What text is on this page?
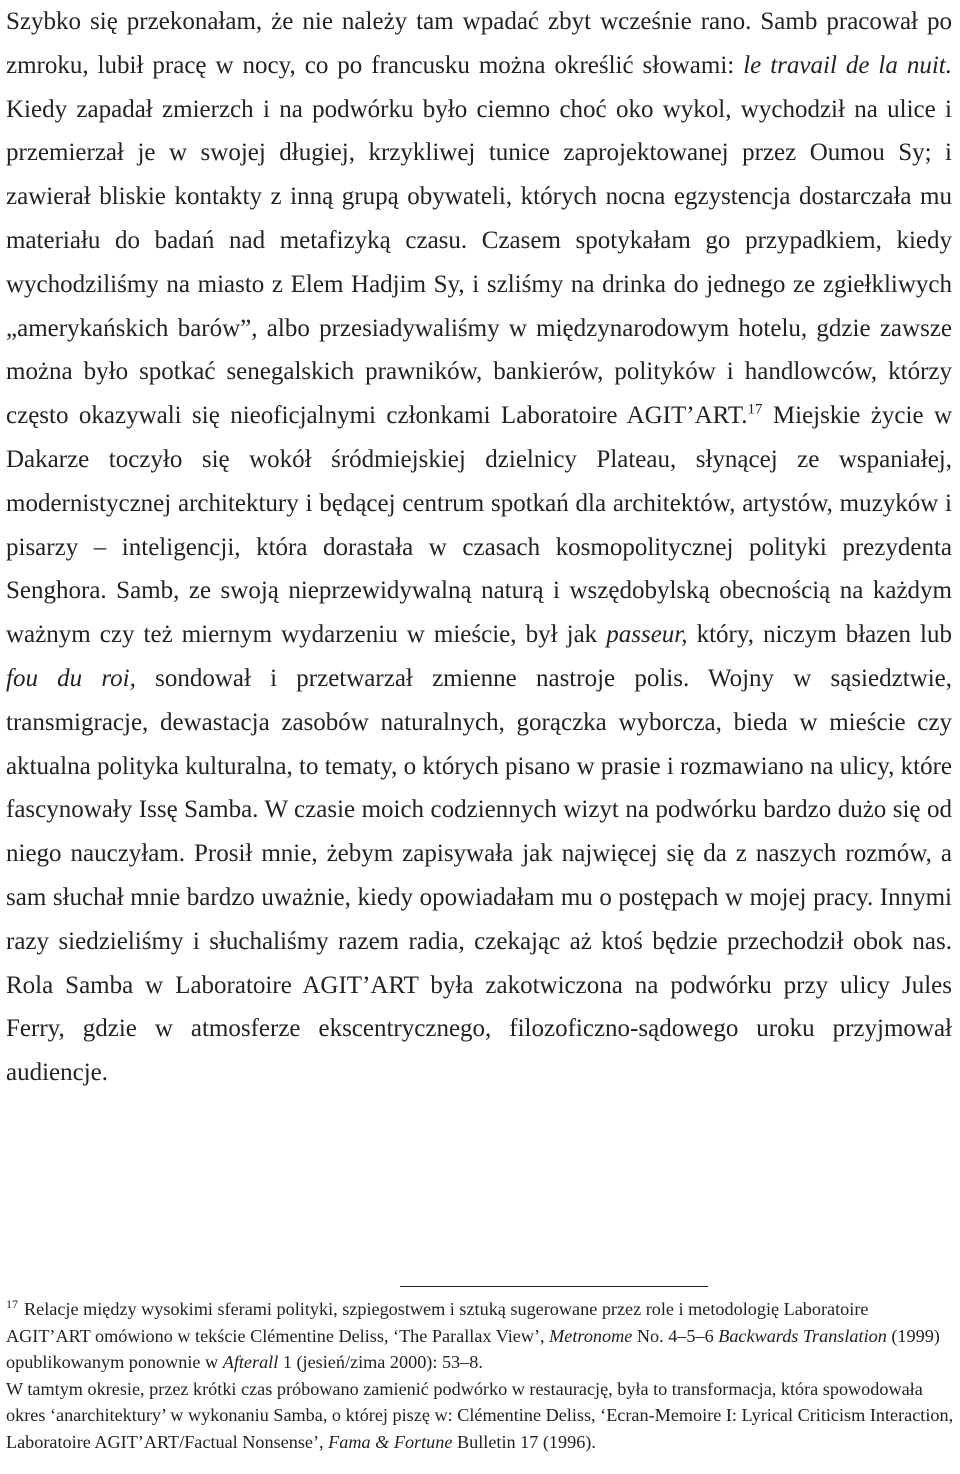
Szybko się przekonałam, że nie należy tam wpadać zbyt wcześnie rano. Samb pracował po zmroku, lubił pracę w nocy, co po francusku można określić słowami: le travail de la nuit. Kiedy zapadał zmierzch i na podwórku było ciemno choć oko wykol, wychodził na ulice i przemierzał je w swojej długiej, krzykliwej tunice zaprojektowanej przez Oumou Sy; i zawierał bliskie kontakty z inną grupą obywateli, których nocna egzystencja dostarczała mu materiału do badań nad metafizyką czasu. Czasem spotykałam go przypadkiem, kiedy wychodziliśmy na miasto z Elem Hadjim Sy, i szliśmy na drinka do jednego ze zgiełkliwych „amerykańskich barów”, albo przesiadywaliśmy w międzynarodowym hotelu, gdzie zawsze można było spotkać senegalskich prawników, bankierów, polityków i handlowców, którzy często okazywali się nieoficjalnymi członkami Laboratoire AGIT’ART.$^{17}$ Miejskie życie w Dakarze toczyło się wokół śródmiejskiej dzielnicy Plateau, słynącej ze wspaniałej, modernistycznej architektury i będącej centrum spotkań dla architektów, artystów, muzyków i pisarzy – inteligencji, która dorastała w czasach kosmopolitycznej polityki prezydenta Senghora. Samb, ze swoją nieprzewidywalną naturą i wszędobylską obecnością na każdym ważnym czy też miernym wydarzeniu w mieście, był jak passeur, który, niczym błazen lub fou du roi, sondował i przetwarzał zmienne nastroje polis. Wojny w sąsiedztwie, transmigracje, dewastacja zasobów naturalnych, gorączka wyborcza, bieda w mieście czy aktualna polityka kulturalna, to tematy, o których pisano w prasie i rozmawiano na ulicy, które fascynowały Issę Samba. W czasie moich codziennych wizyt na podwórku bardzo dużo się od niego nauczyłam. Prosił mnie, żebym zapisywała jak najwięcej się da z naszych rozmów, a sam słuchał mnie bardzo uważnie, kiedy opowiadałam mu o postępach w mojej pracy. Innymi razy siedzieliśmy i słuchaliśmy razem radia, czekając aż ktoś będzie przechodził obok nas. Rola Samba w Laboratoire AGIT’ART była zakotwiczona na podwórku przy ulicy Jules Ferry, gdzie w atmosferze ekscentrycznego, filozoficzno-sądowego uroku przyjmował audiencje.

$^{17}$ Relacje między wysokimi sferami polityki, szpiegostwem i sztuką sugerowane przez role i metodologię Laboratoire AGIT’ART omówiono w tekście Clémentine Deliss, ‘The Parallax View’, Metronome No. 4–5–6 Backwards Translation (1999) opublikowanym ponownie w Afterall 1 (jesień/zima 2000): 53–8.

W tamtym okresie, przez krótki czas próbowano zamienić podwórko w restaurację, była to transformacja, która spowodowała okres ‘anarchitektury’ w wykonaniu Samba, o której piszę w: Clémentine Deliss, ‘Ecran-Memoire I: Lyrical Criticism Interaction, Laboratoire AGIT’ART/Factual Nonsense’, Fama & Fortune Bulletin 17 (1996).
